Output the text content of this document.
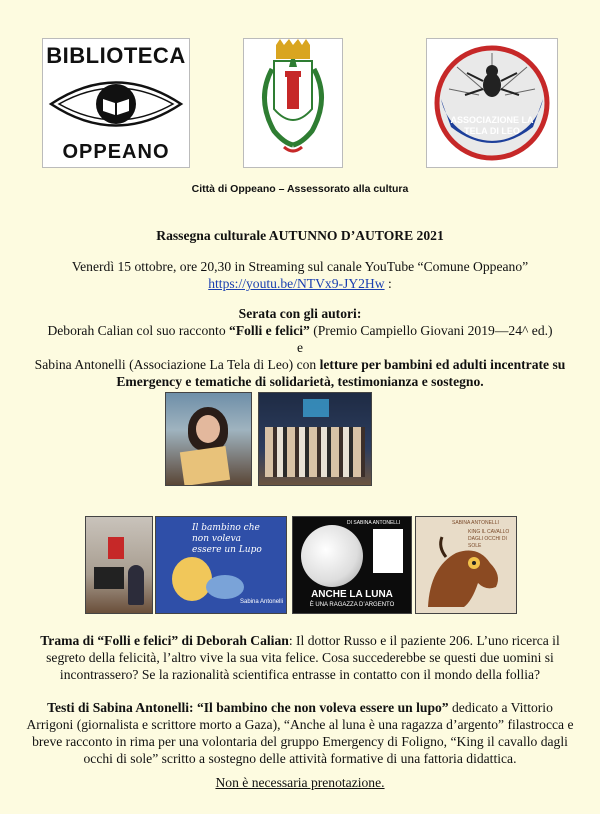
BIBLIOTECA
OPPEANO
ASSOCIAZIONE LA TELA DI LEO
Città di Oppeano – Assessorato alla cultura
Rassegna culturale AUTUNNO D’AUTORE 2021
Venerdì 15 ottobre, ore 20,30 in Streaming sul canale YouTube “Comune Oppeano”
https://youtu.be/NTVx9-JY2Hw :
Serata con gli autori:
Deborah Calian col suo racconto “Folli e felici” (Premio Campiello Giovani 2019—24^ ed.)
e
Sabina Antonelli (Associazione La Tela di Leo) con letture per bambini ed adulti incentrate su Emergency e tematiche di solidarietà, testimonianza e sostegno.
Il bambino che non voleva essere un Lupo
Sabina Antonelli
DI SABINA ANTONELLI
ANCHE LA LUNA
È UNA RAGAZZA D’ARGENTO
SABINA ANTONELLI
KING IL CAVALLO DAGLI OCCHI DI SOLE
Trama di “Folli e felici” di Deborah Calian: Il dottor Russo e il paziente 206. L’uno ricerca il segreto della felicità, l’altro vive la sua vita felice. Cosa succederebbe se questi due uomini si incontrassero? Se la razionalità scientifica entrasse in contatto con il mondo della follia?
Testi di Sabina Antonelli: “Il bambino che non voleva essere un lupo” dedicato a Vittorio Arrigoni (giornalista e scrittore morto a Gaza), “Anche al luna è una ragazza d’argento” filastrocca e breve racconto in rima per una volontaria del gruppo Emergency di Foligno, “King il cavallo dagli occhi di sole” scritto a sostegno delle attività formative di una fattoria didattica.
Non è necessaria prenotazione.
